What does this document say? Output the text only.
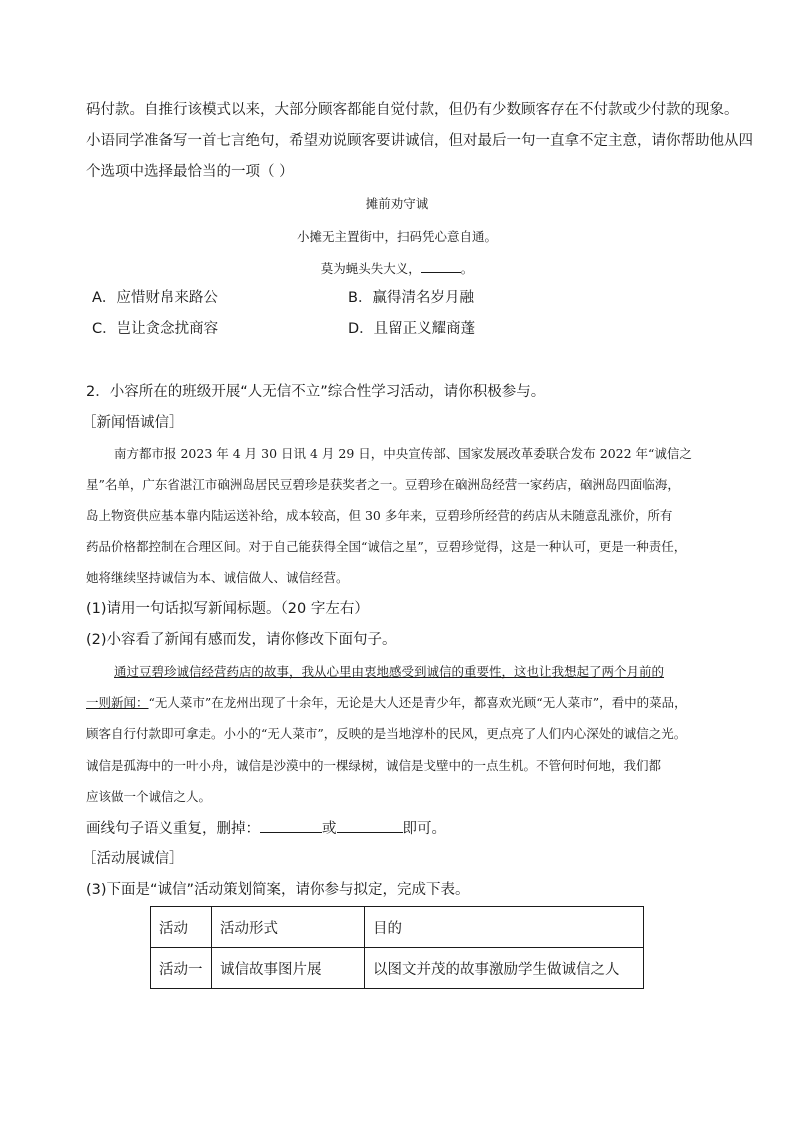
码付款。自推行该模式以来，大部分顾客都能自觉付款，但仍有少数顾客存在不付款或少付款的现象。
小语同学准备写一首七言绝句，希望劝说顾客要讲诚信，但对最后一句一直拿不定主意，请你帮助他从四
个选项中选择最恰当的一项（ ）
摊前劝守诚
小摊无主置街中，扫码凭心意自通。
莫为蝇头失大义，	。
A．应惜财帛来路公	B．赢得清名岁月融
C．岂让贪念扰商容	D．且留正义耀商蓬
2．小容所在的班级开展“人无信不立”综合性学习活动，请你积极参与。
［新闻悟诚信］
南方都市报 2023 年 4 月 30 日讯 4 月 29 日，中央宣传部、国家发展改革委联合发布 2022 年“诚信之
星”名单，广东省湛江市硇洲岛居民豆碧珍是获奖者之一。豆碧珍在硇洲岛经营一家药店，硇洲岛四面临海，
岛上物资供应基本靠内陆运送补给，成本较高，但 30 多年来，豆碧珍所经营的药店从未随意乱涨价，所有
药品价格都控制在合理区间。对于自己能获得全国“诚信之星”，豆碧珍觉得，这是一种认可，更是一种责任，
她将继续坚持诚信为本、诚信做人、诚信经营。
(1)请用一句话拟写新闻标题。（20 字左右）
(2)小容看了新闻有感而发，请你修改下面句子。
通过豆碧珍诚信经营药店的故事，我从心里由衷地感受到诚信的重要性，这也让我想起了两个月前的
一则新闻：“无人菜市”在龙州出现了十余年，无论是大人还是青少年，都喜欢光顾“无人菜市”，看中的菜品，
顾客自行付款即可拿走。小小的“无人菜市”，反映的是当地淳朴的民风，更点亮了人们内心深处的诚信之光。
诚信是孤海中的一叶小舟，诚信是沙漠中的一棵绿树，诚信是戈壁中的一点生机。不管何时何地，我们都
应该做一个诚信之人。
画线句子语义重复，删掉：	或	即可。
［活动展诚信］
(3)下面是“诚信”活动策划简案，请你参与拟定，完成下表。
活动	活动形式	目的
活动一	诚信故事图片展	以图文并茂的故事激励学生做诚信之人
